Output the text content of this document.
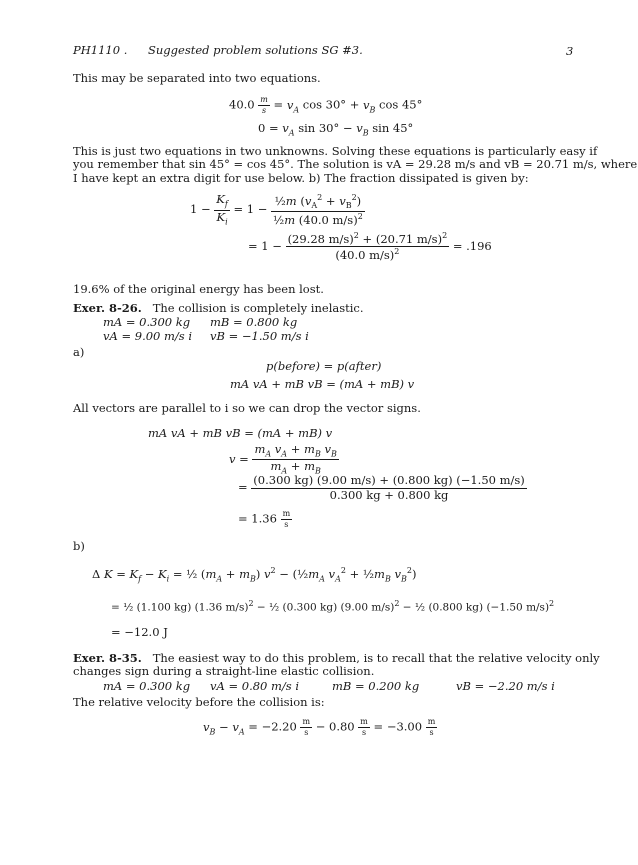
PH1110 . Suggested problem solutions SG #3.	3
This may be separated into two equations.
$40.0 \frac{m}{s} = v_A$ $\cos 30^\circ + v_B$ cos 45°
$0 = v_A$ $\sin 30^\circ - v_B$ sin 45°
This is just two equations in two unknowns. Solving these equations is particularly easy if
you remember that sin 45° = cos 45°. The solution is vA = 29.28 m/s and vB = 20.71 m/s, where
I have kept an extra digit for use below. b) The fraction dissipated is given by:
$1 - \frac{K_f}{K_i} = 1 - \frac{\frac{1}{2}m (v_A^2 + v_B^2)}{\frac{1}{2}m (40.0 m/s)^2}$
= $1 - \frac{(29.28 m/s)^2 + (20.71 m/s)^2}{(40.0 m/s)^2} = .196$
19.6% of the original energy has been lost.
Exer. 8-26. The collision is completely inelastic.
mA = 0.300 kg mB = 0.800 kg
vA = 9.00 m/s i vB = −1.50 m/s i
a)
p(before) = p(after)
mA vA + mB vB = (mA + mB) v
All vectors are parallel to i so we can drop the vector signs.
mA vA + mB vB = (mA + mB) v
$v = \frac{m_A v_A + m_B v_B}{m_A + m_B}$
= $\frac{(0.300 kg) (9.00 m/s) + (0.800 kg) (-1.50 m/s)}{0.300 kg + 0.800 kg}$
= $1.36 \frac{m}{s}$
b)
Δ $K = K_f - K_i$ = ½ $(m_A + m_B) v^2$ − ($\frac{1}{2}m_A$ $v_A^2$ + $\frac{1}{2}m_B$ $v_B^2$)
= ½ (1.100 kg) (1.36 m/s)$^2$ − ½ (0.300 kg) (9.00 m/s)$^2$ − ½ (0.800 kg) (−1.50 m/s)$^2$
= −12.0 J
Exer. 8-35. The easiest way to do this problem, is to recall that the relative velocity only
changes sign during a straight-line elastic collision.
mA = 0.300 kg vA = 0.80 m/s i	mB = 0.200 kg	vB = −2.20 m/s i
The relative velocity before the collision is:
$v_B - v_A = -2.20 \frac{m}{s} - 0.80 \frac{m}{s} = -3.00 \frac{m}{s}$
